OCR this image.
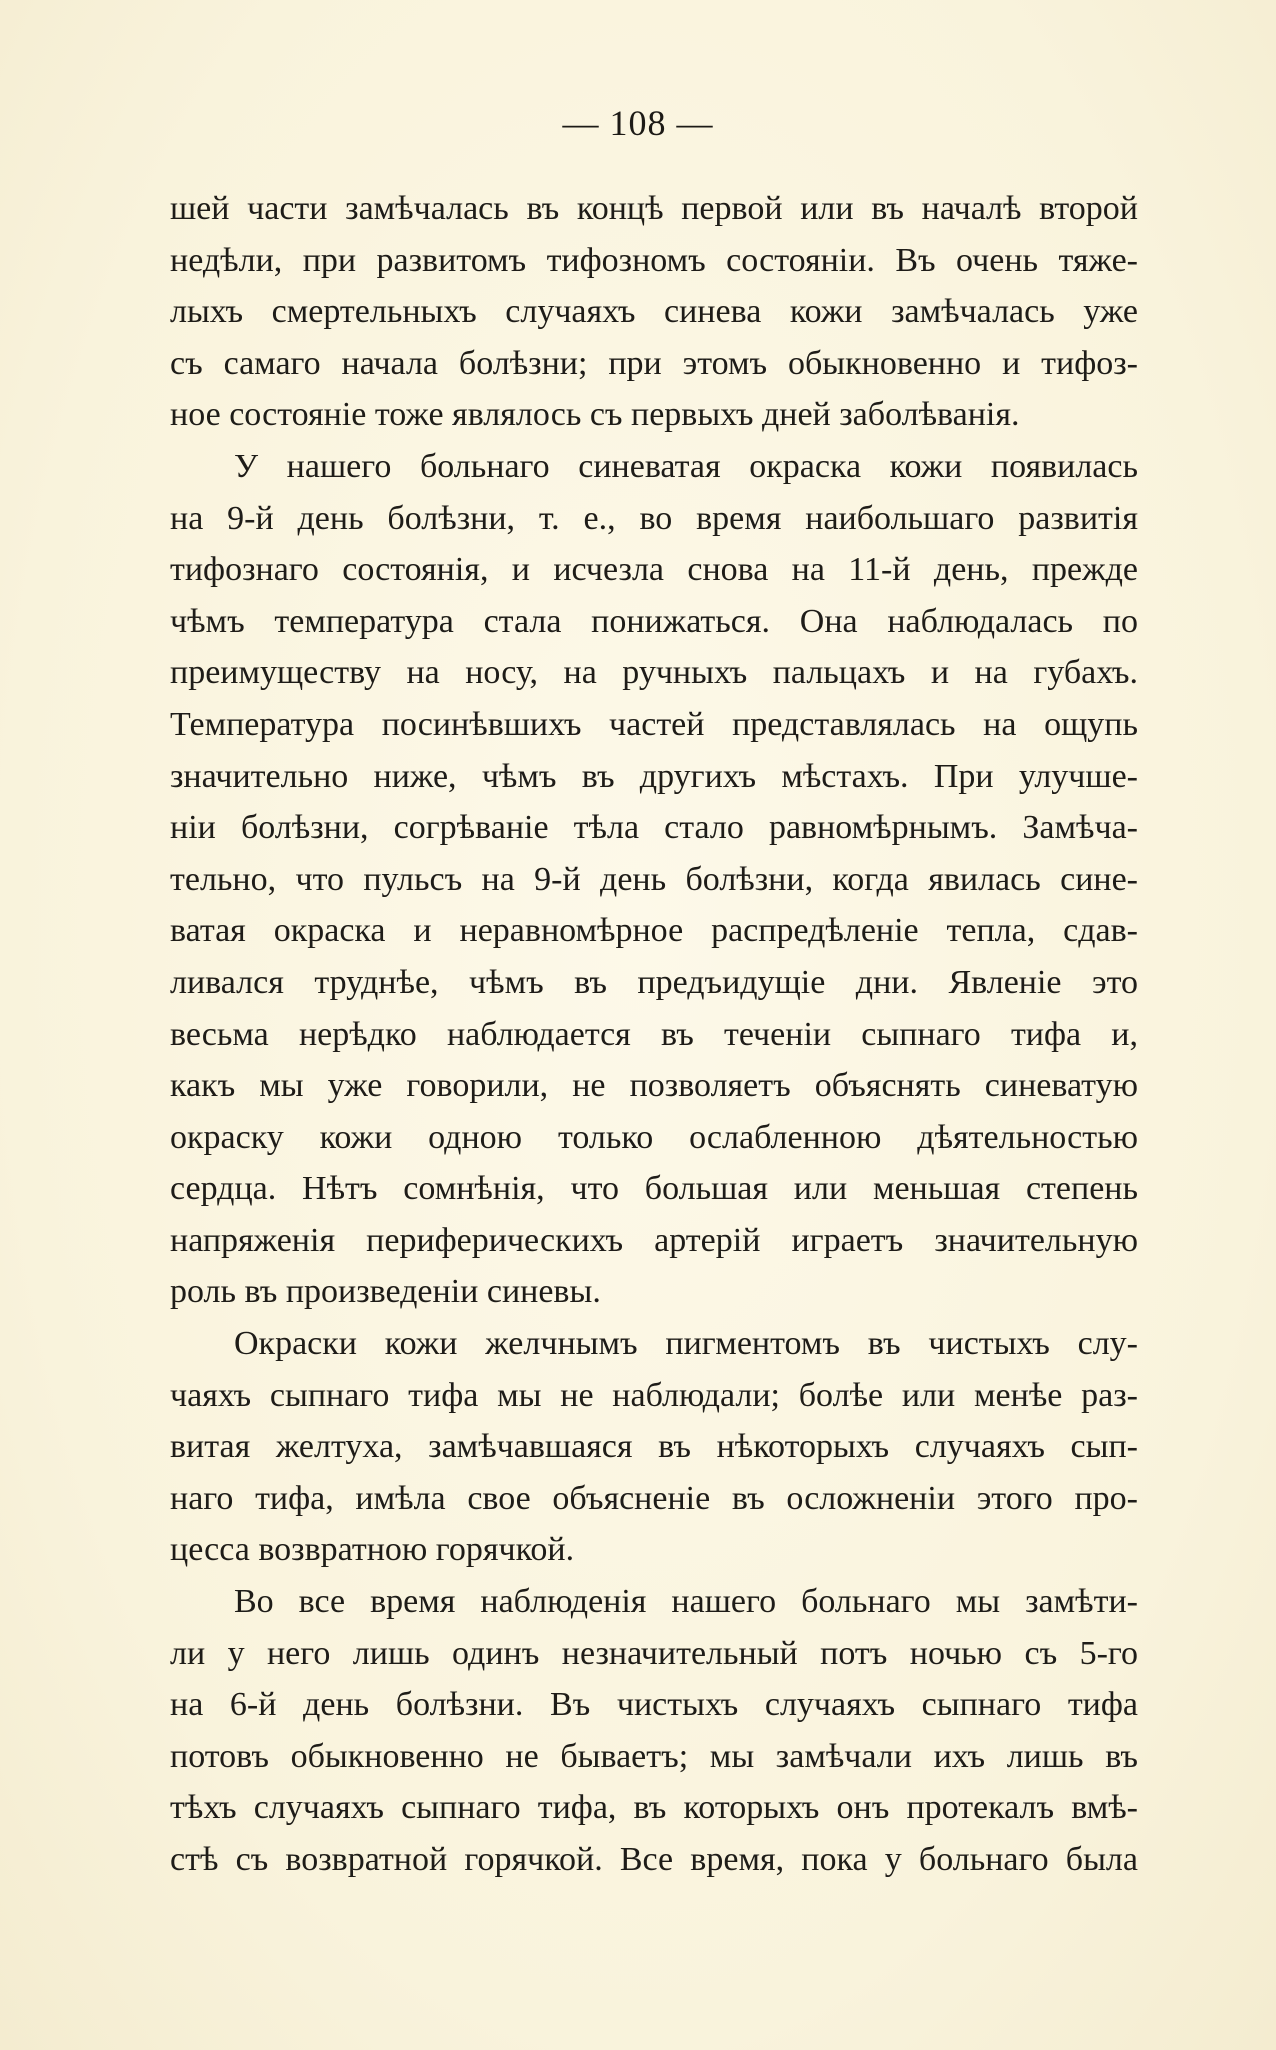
— 108 —
шей части замѣчалась въ концѣ первой или въ началѣ второй
недѣли, при развитомъ тифозномъ состояніи. Въ очень тяже-
лыхъ смертельныхъ случаяхъ синева кожи замѣчалась уже
съ самаго начала болѣзни; при этомъ обыкновенно и тифоз-
ное состояніе тоже являлось съ первыхъ дней заболѣванія.
У нашего больнаго синеватая окраска кожи появилась
на 9-й день болѣзни, т. е., во время наибольшаго развитія
тифознаго состоянія, и исчезла снова на 11-й день, прежде
чѣмъ температура стала понижаться. Она наблюдалась по
преимуществу на носу, на ручныхъ пальцахъ и на губахъ.
Температура посинѣвшихъ частей представлялась на ощупь
значительно ниже, чѣмъ въ другихъ мѣстахъ. При улучше-
ніи болѣзни, согрѣваніе тѣла стало равномѣрнымъ. Замѣча-
тельно, что пульсъ на 9-й день болѣзни, когда явилась сине-
ватая окраска и неравномѣрное распредѣленіе тепла, сдав-
ливался труднѣе, чѣмъ въ предъидущіе дни. Явленіе это
весьма нерѣдко наблюдается въ теченіи сыпнаго тифа и,
какъ мы уже говорили, не позволяетъ объяснять синеватую
окраску кожи одною только ослабленною дѣятельностью
сердца. Нѣтъ сомнѣнія, что большая или меньшая степень
напряженія периферическихъ артерій играетъ значительную
роль въ произведеніи синевы.
Окраски кожи желчнымъ пигментомъ въ чистыхъ слу-
чаяхъ сыпнаго тифа мы не наблюдали; болѣе или менѣе раз-
витая желтуха, замѣчавшаяся въ нѣкоторыхъ случаяхъ сып-
наго тифа, имѣла свое объясненіе въ осложненіи этого про-
цесса возвратною горячкой.
Во все время наблюденія нашего больнаго мы замѣти-
ли у него лишь одинъ незначительный потъ ночью съ 5-го
на 6-й день болѣзни. Въ чистыхъ случаяхъ сыпнаго тифа
потовъ обыкновенно не бываетъ; мы замѣчали ихъ лишь въ
тѣхъ случаяхъ сыпнаго тифа, въ которыхъ онъ протекалъ вмѣ-
стѣ съ возвратной горячкой. Все время, пока у больнаго была
